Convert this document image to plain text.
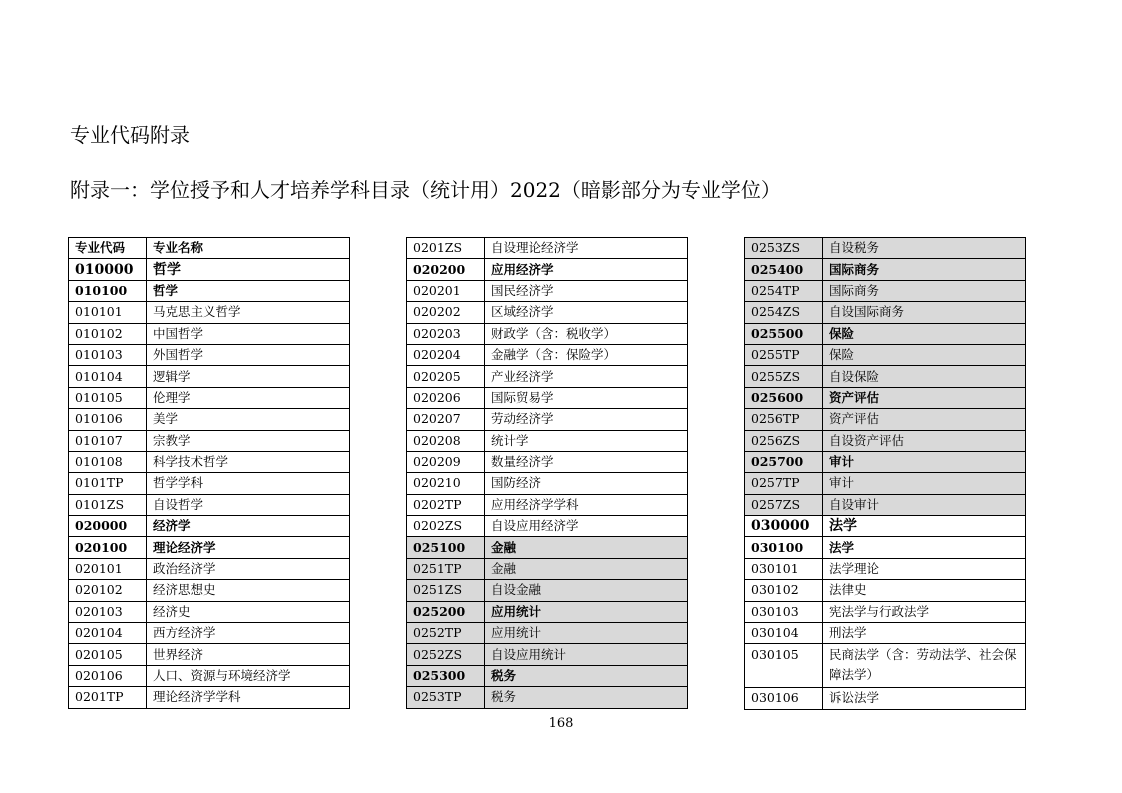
专业代码附录
附录一：学位授予和人才培养学科目录（统计用）2022（暗影部分为专业学位）
专业代码	专业名称
010000	哲学
010100	哲学
010101	马克思主义哲学
010102	中国哲学
010103	外国哲学
010104	逻辑学
010105	伦理学
010106	美学
010107	宗教学
010108	科学技术哲学
0101TP	哲学学科
0101ZS	自设哲学
020000	经济学
020100	理论经济学
020101	政治经济学
020102	经济思想史
020103	经济史
020104	西方经济学
020105	世界经济
020106	人口、资源与环境经济学
0201TP	理论经济学学科
0201ZS	自设理论经济学
020200	应用经济学
020201	国民经济学
020202	区域经济学
020203	财政学（含：税收学）
020204	金融学（含：保险学）
020205	产业经济学
020206	国际贸易学
020207	劳动经济学
020208	统计学
020209	数量经济学
020210	国防经济
0202TP	应用经济学学科
0202ZS	自设应用经济学
025100	金融
0251TP	金融
0251ZS	自设金融
025200	应用统计
0252TP	应用统计
0252ZS	自设应用统计
025300	税务
0253TP	税务
0253ZS	自设税务
025400	国际商务
0254TP	国际商务
0254ZS	自设国际商务
025500	保险
0255TP	保险
0255ZS	自设保险
025600	资产评估
0256TP	资产评估
0256ZS	自设资产评估
025700	审计
0257TP	审计
0257ZS	自设审计
030000	法学
030100	法学
030101	法学理论
030102	法律史
030103	宪法学与行政法学
030104	刑法学
030105	民商法学（含：劳动法学、社会保障法学）
030106	诉讼法学
168
